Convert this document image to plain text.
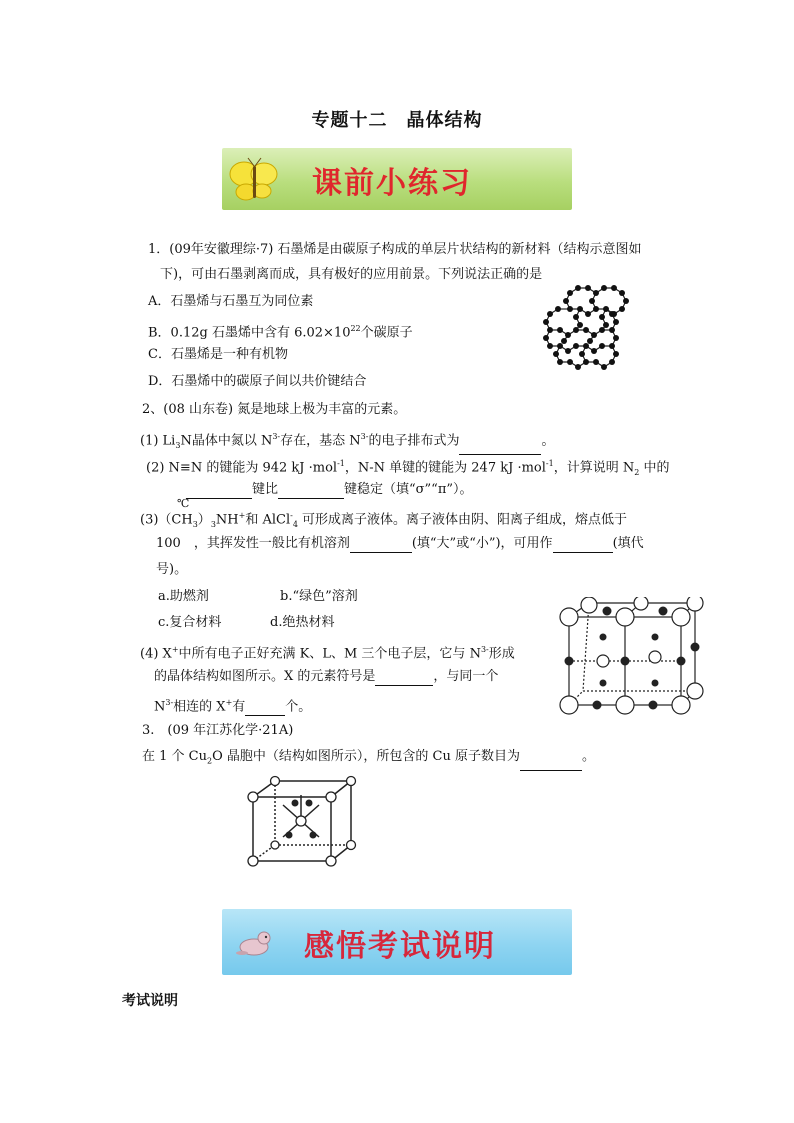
专题十二　晶体结构
课前小练习
1．(09年安徽理综·7) 石墨烯是由碳原子构成的单层片状结构的新材料（结构示意图如
下)，可由石墨剥离而成，具有极好的应用前景。下列说法正确的是
A．石墨烯与石墨互为同位素
B．0.12g 石墨烯中含有 $6.02\times 10^{22}$个碳原子
C．石墨烯是一种有机物
D．石墨烯中的碳原子间以共价键结合
2、(08 山东卷) 氮是地球上极为丰富的元素。
(1) $Li_3N$晶体中氮以 $N^{3-}$存在，基态 $N^{3-}$的电子排布式为	。
(2) N≡N 的键能为 942 kJ ·mol$^{-1}$，N-N 单键的键能为 247 kJ ·mol$^{-1}$，计算说明 $N_2$ 中的
键比	键稳定（填“σ”“π”）。
$(3)(CH_3)_3NH^+$和 AlCl-$_4$ 可形成离子液体。离子液体由阴、阳离子组成，熔点低于
℃
100　，其挥发性一般比有机溶剂	(填“大”或“小”)，可用作	(填代
号)。
a.助燃剂	b.“绿色”溶剂
c.复合材料	d.绝热材料
(4) X+中所有电子正好充满 K、L、M 三个电子层，它与 $N^{3-}$形成
的晶体结构如图所示。X 的元素符号是	，与同一个
$N^{3-}$相连的 X+有	个。
3.　(09 年江苏化学·21A)
在 1 个 $Cu_2O$ 晶胞中（结构如图所示），所包含的 Cu 原子数目为	。
感悟考试说明
考试说明
